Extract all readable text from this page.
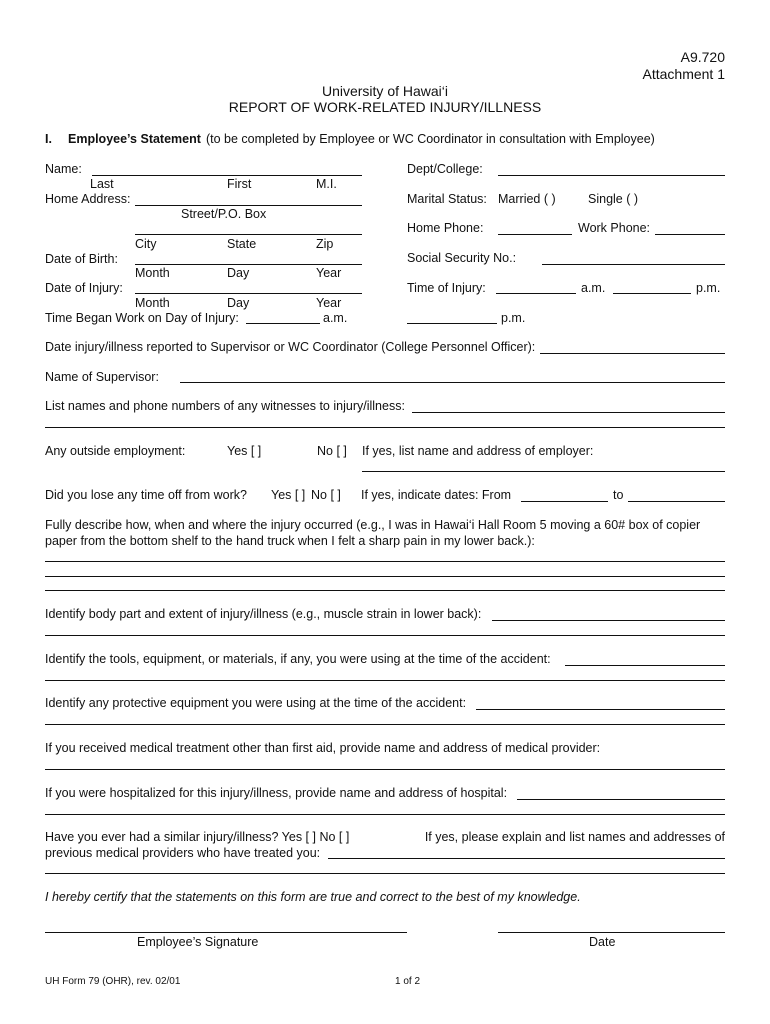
A9.720
Attachment 1
University of Hawai‘i
REPORT OF WORK-RELATED INJURY/ILLNESS
I. Employee’s Statement (to be completed by Employee or WC Coordinator in consultation with Employee)
Name:
Last	First	M.I.
Home Address:
Street/P.O. Box
City	State	Zip
Date of Birth:
Month	Day	Year
Date of Injury:
Month	Day	Year
Time Began Work on Day of Injury:	a.m.
Dept/College:
Marital Status: Married ( )	Single ( )
Home Phone:	Work Phone:
Social Security No.:
Time of Injury:	a.m.	p.m.
p.m.
Date injury/illness reported to Supervisor or WC Coordinator (College Personnel Officer):
Name of Supervisor:
List names and phone numbers of any witnesses to injury/illness:
Any outside employment:	Yes [ ]	No [ ] If yes, list name and address of employer:
Did you lose any time off from work? Yes [ ] No [ ] If yes, indicate dates: From	to
Fully describe how, when and where the injury occurred (e.g., I was in Hawai‘i Hall Room 5 moving a 60# box of copier
paper from the bottom shelf to the hand truck when I felt a sharp pain in my lower back.):
Identify body part and extent of injury/illness (e.g., muscle strain in lower back):
Identify the tools, equipment, or materials, if any, you were using at the time of the accident:
Identify any protective equipment you were using at the time of the accident:
If you received medical treatment other than first aid, provide name and address of medical provider:
If you were hospitalized for this injury/illness, provide name and address of hospital:
Have you ever had a similar injury/illness? Yes [ ] No [ ]	If yes, please explain and list names and addresses of
previous medical providers who have treated you:
I hereby certify that the statements on this form are true and correct to the best of my knowledge.
Employee’s Signature	Date
UH Form 79 (OHR), rev. 02/01	1 of 2
